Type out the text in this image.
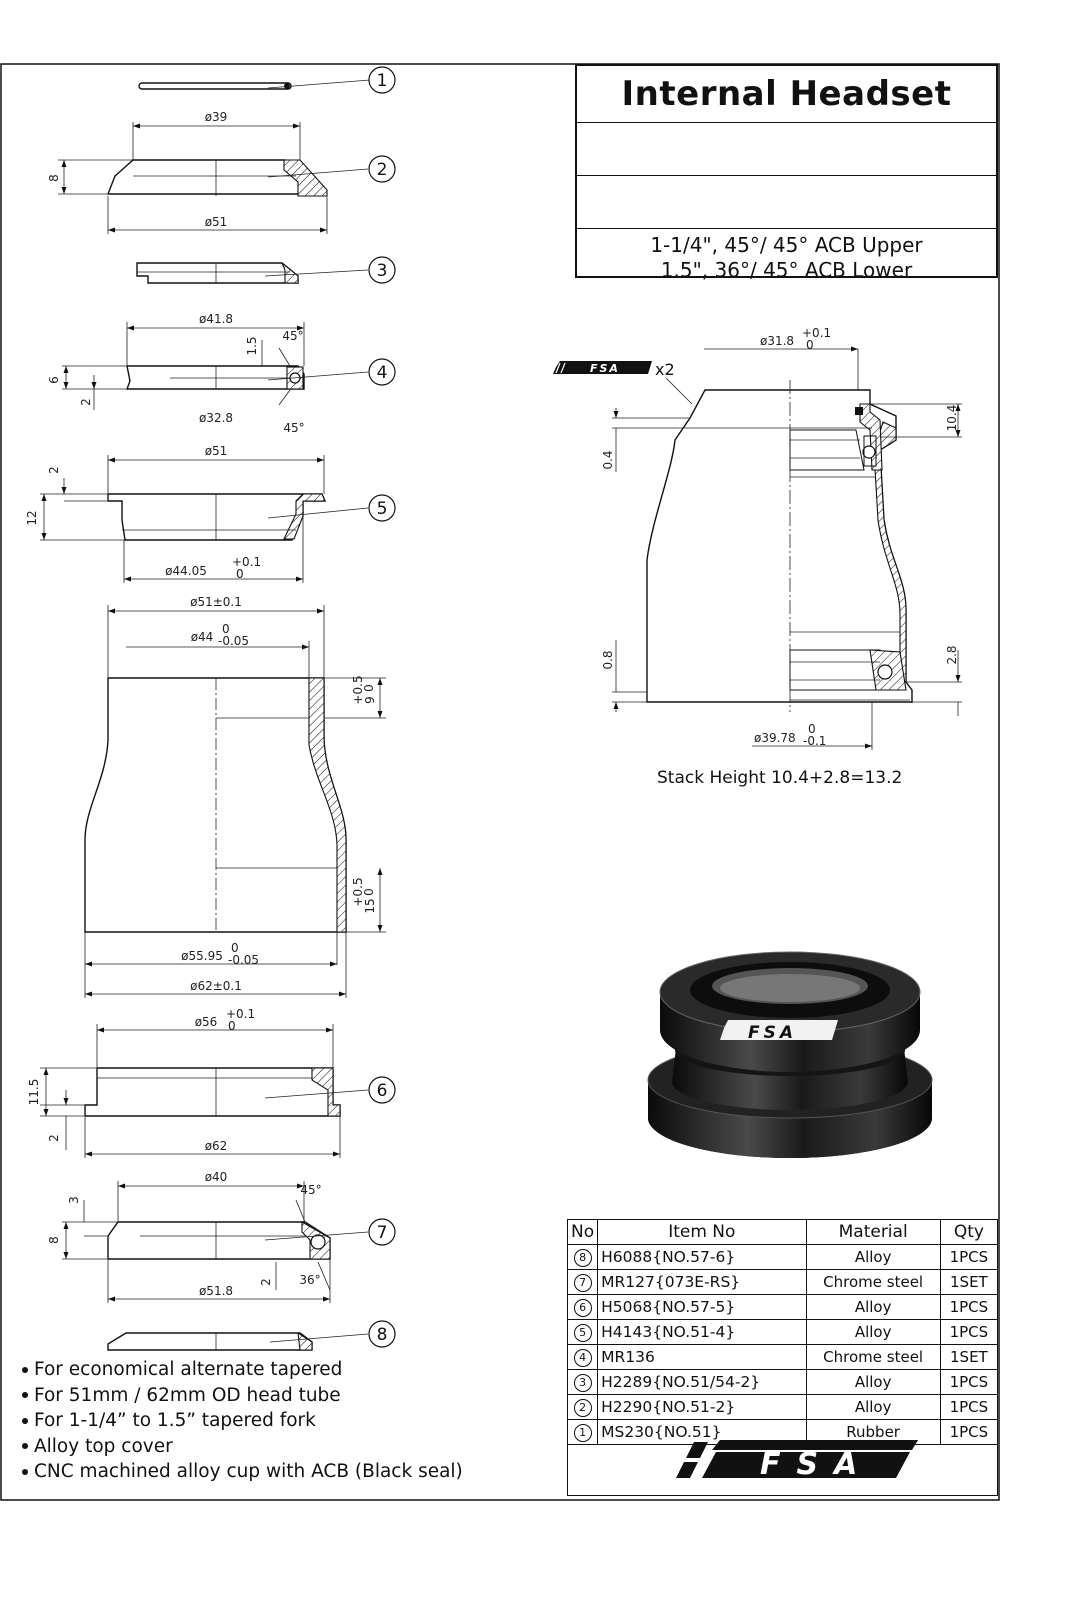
1
2
3
4
5
6
7
8
ø39
ø51
8
ø41.8
1.5
45°
6
2
ø32.8
45°
ø51
2
12
ø44.05
+0.1
0
ø51±0.1
ø44
0
-0.05
9
+0.5
0
15
+0.5
0
ø55.95
0
-0.05
ø62±0.1
ø56
+0.1
0
11.5
2
ø62
ø40
45°
3
8
ø51.8
2 36°
ø31.8
+0.1
0
FSA x2
10.4
2.8
0.4
0.8
ø39.78
0
-0.1
FSA
FSA
Internal Headset
1-1/4", 45°/ 45° ACB Upper
1.5", 36°/ 45° ACB Lower
Stack Height 10.4+2.8=13.2
For economical alternate tapered
For 51mm / 62mm OD head tube
For 1-1/4” to 1.5” tapered fork
Alloy top cover
CNC machined alloy cup with ACB (Black seal)
No	Item No	Material	Qty
8	H6088{NO.57-6}	Alloy	1PCS
7	MR127{073E-RS}	Chrome steel	1SET
6	H5068{NO.57-5}	Alloy	1PCS
5	H4143{NO.51-4}	Alloy	1PCS
4	MR136	Chrome steel	1SET
3	H2289{NO.51/54-2}	Alloy	1PCS
2	H2290{NO.51-2}	Alloy	1PCS
1	MS230{NO.51}	Rubber	1PCS
